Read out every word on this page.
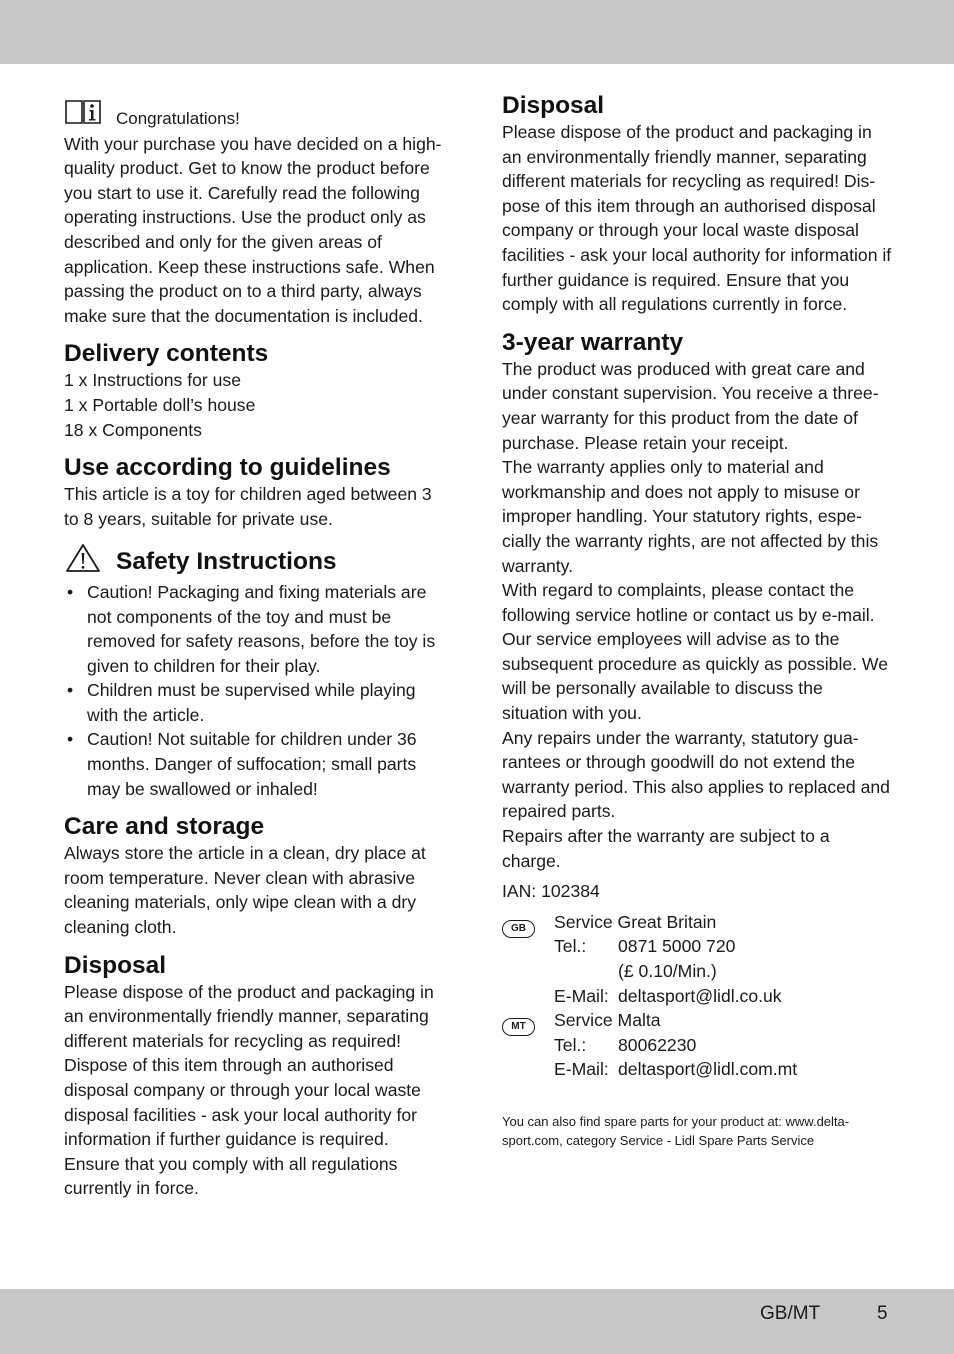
Congratulations!

With your purchase you have decided on a high-quality product. Get to know the product before you start to use it. Carefully read the following operating instructions. Use the product only as described and only for the given areas of application. Keep these instructions safe. When passing the product on to a third party, always make sure that the documentation is included.

Delivery contents
1 x Instructions for use
1 x Portable doll’s house
18 x Components
Use according to guidelines

This article is a toy for children aged between 3 to 8 years, suitable for private use.

Safety Instructions
• Caution! Packaging and fixing materials are not components of the toy and must be removed for safety reasons, before the toy is given to children for their play.
• Children must be supervised while playing with the article.
• Caution! Not suitable for children under 36 months. Danger of suffocation; small parts may be swallowed or inhaled!
Care and storage

Always store the article in a clean, dry place at room temperature. Never clean with abrasive cleaning materials, only wipe clean with a dry cleaning cloth.

Disposal

Please dispose of the product and packaging in an environmentally friendly manner, separating different materials for recycling as required! Dispose of this item through an authorised disposal company or through your local waste disposal facilities - ask your local authority for information if further guidance is required. Ensure that you comply with all regulations currently in force.

Disposal

Please dispose of the product and packaging in an environmentally friendly manner, separating different materials for recycling as required! Dis-pose of this item through an authorised disposal company or through your local waste disposal facilities - ask your local authority for information if further guidance is required. Ensure that you comply with all regulations currently in force.

3-year warranty

The product was produced with great care and under constant supervision. You receive a three-year warranty for this product from the date of purchase. Please retain your receipt.

The warranty applies only to material and workmanship and does not apply to misuse or improper handling. Your statutory rights, espe-cially the warranty rights, are not affected by this warranty.

With regard to complaints, please contact the following service hotline or contact us by e-mail. Our service employees will advise as to the subsequent procedure as quickly as possible. We will be personally available to discuss the situation with you.

Any repairs under the warranty, statutory gua-rantees or through goodwill do not extend the warranty period. This also applies to replaced and repaired parts.

Repairs after the warranty are subject to a charge.

IAN: 102384

GB	Service Great Britain
Tel.:	0871 5000 720
(£ 0.10/Min.)
E-Mail: deltasport@lidl.co.uk
MT	Service Malta
Tel.:	80062230
E-Mail: deltasport@lidl.com.mt

You can also find spare parts for your product at: www.delta-sport.com, category Service - Lidl Spare Parts Service

GB/MT	5
